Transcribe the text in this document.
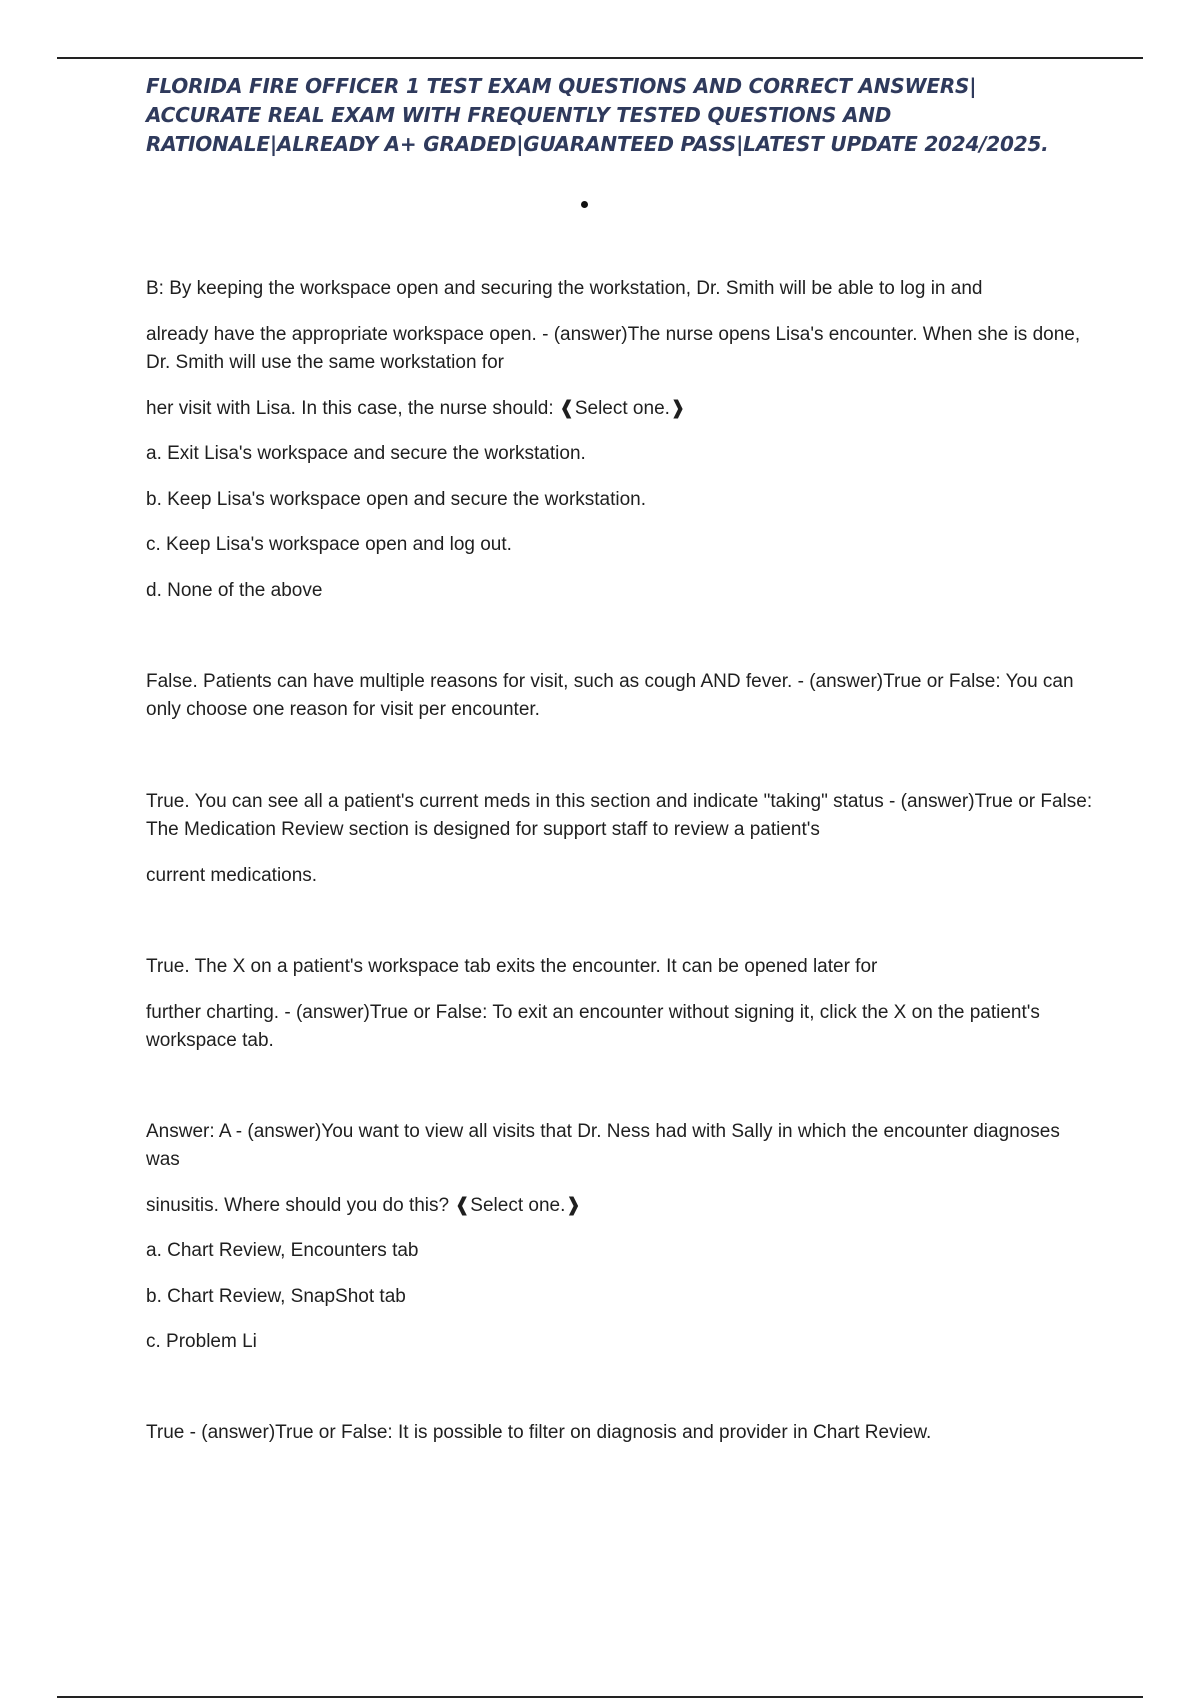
FLORIDA FIRE OFFICER 1 TEST EXAM QUESTIONS AND CORRECT ANSWERS| ACCURATE REAL EXAM WITH FREQUENTLY TESTED QUESTIONS AND RATIONALE|ALREADY A+ GRADED|GUARANTEED PASS|LATEST UPDATE 2024/2025.

B: By keeping the workspace open and securing the workstation, Dr. Smith will be able to log in and

already have the appropriate workspace open. - (answer)The nurse opens Lisa's encounter. When she is done, Dr. Smith will use the same workstation for

her visit with Lisa. In this case, the nurse should: ❰Select one.❱

a. Exit Lisa's workspace and secure the workstation.

b. Keep Lisa's workspace open and secure the workstation.

c. Keep Lisa's workspace open and log out.

d. None of the above

False. Patients can have multiple reasons for visit, such as cough AND fever. - (answer)True or False: You can only choose one reason for visit per encounter.

True. You can see all a patient's current meds in this section and indicate "taking" status - (answer)True or False: The Medication Review section is designed for support staff to review a patient's

current medications.

True. The X on a patient's workspace tab exits the encounter. It can be opened later for

further charting. - (answer)True or False: To exit an encounter without signing it, click the X on the patient's workspace tab.

Answer: A - (answer)You want to view all visits that Dr. Ness had with Sally in which the encounter diagnoses was

sinusitis. Where should you do this? ❰Select one.❱

a. Chart Review, Encounters tab

b. Chart Review, SnapShot tab

c. Problem Li

True - (answer)True or False: It is possible to filter on diagnosis and provider in Chart Review.
